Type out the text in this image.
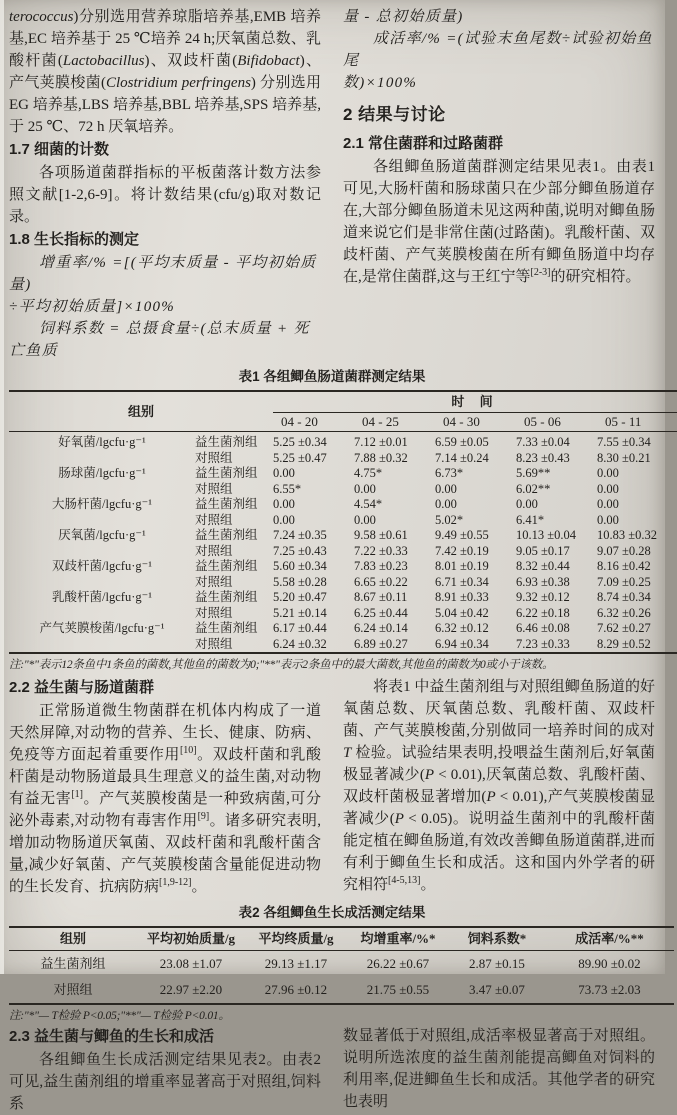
terococcus)分别选用营养琼脂培养基,EMB 培养基,EC 培养基于 25 ℃培养 24 h;厌氧菌总数、乳酸杆菌(Lactobacillus)、双歧杆菌(Bifidobact)、产气荚膜梭菌(Clostridium perfringens) 分别选用 EG 培养基,LBS 培养基,BBL 培养基,SPS 培养基,于 25 ℃、72 h 厌氧培养。

1.7 细菌的计数

各项肠道菌群指标的平板菌落计数方法参照文献[1-2,6-9]。将计数结果(cfu/g)取对数记录。

1.8 生长指标的测定
增重率/% =[(平均末质量 - 平均初始质量)
÷平均初始质量]×100%
饲料系数 = 总摄食量÷(总末质量 + 死亡鱼质
量 - 总初始质量)
成活率/% =(试验末鱼尾数÷试验初始鱼尾
数)×100%
2 结果与讨论
2.1 常住菌群和过路菌群

各组鲫鱼肠道菌群测定结果见表1。由表1 可见,大肠杆菌和肠球菌只在少部分鲫鱼肠道存在,大部分鲫鱼肠道未见这两种菌,说明对鲫鱼肠道来说它们是非常住菌(过路菌)。乳酸杆菌、双歧杆菌、产气荚膜梭菌在所有鲫鱼肠道中均存在,是常住菌群,这与王红宁等[2-3]的研究相符。

表1 各组鲫鱼肠道菌群测定结果
组别		时 间				
		04 - 20	04 - 25	04 - 30	05 - 06	05 - 11
好氧菌/lgcfu·g⁻¹	益生菌剂组	5.25 ±0.34	7.12 ±0.01	6.59 ±0.05	7.33 ±0.04	7.55 ±0.34
	对照组	5.25 ±0.47	7.88 ±0.32	7.14 ±0.24	8.23 ±0.43	8.30 ±0.21
肠球菌/lgcfu·g⁻¹	益生菌剂组	0.00	4.75*	6.73*	5.69**	0.00
	对照组	6.55*	0.00	0.00	6.02**	0.00
大肠杆菌/lgcfu·g⁻¹	益生菌剂组	0.00	4.54*	0.00	0.00	0.00
	对照组	0.00	0.00	5.02*	6.41*	0.00
厌氧菌/lgcfu·g⁻¹	益生菌剂组	7.24 ±0.35	9.58 ±0.61	9.49 ±0.55	10.13 ±0.04	10.83 ±0.32
	对照组	7.25 ±0.43	7.22 ±0.33	7.42 ±0.19	9.05 ±0.17	9.07 ±0.28
双歧杆菌/lgcfu·g⁻¹	益生菌剂组	5.60 ±0.34	7.83 ±0.23	8.01 ±0.19	8.32 ±0.44	8.16 ±0.42
	对照组	5.58 ±0.28	6.65 ±0.22	6.71 ±0.34	6.93 ±0.38	7.09 ±0.25
乳酸杆菌/lgcfu·g⁻¹	益生菌剂组	5.20 ±0.47	8.67 ±0.11	8.91 ±0.33	9.32 ±0.12	8.74 ±0.34
	对照组	5.21 ±0.14	6.25 ±0.44	5.04 ±0.42	6.22 ±0.18	6.32 ±0.26
产气荚膜梭菌/lgcfu·g⁻¹	益生菌剂组	6.17 ±0.44	6.24 ±0.14	6.32 ±0.12	6.46 ±0.08	7.62 ±0.27
	对照组	6.24 ±0.32	6.89 ±0.27	6.94 ±0.34	7.23 ±0.33	8.29 ±0.52
注:"*"表示12条鱼中1条鱼的菌数,其他鱼的菌数为0;"**"表示2条鱼中的最大菌数,其他鱼的菌数为0或小于该数。
2.2 益生菌与肠道菌群

正常肠道微生物菌群在机体内构成了一道天然屏障,对动物的营养、生长、健康、防病、免疫等方面起着重要作用[10]。双歧杆菌和乳酸杆菌是动物肠道最具生理意义的益生菌,对动物有益无害[1]。产气荚膜梭菌是一种致病菌,可分泌外毒素,对动物有毒害作用[9]。诸多研究表明,增加动物肠道厌氧菌、双歧杆菌和乳酸杆菌含量,减少好氧菌、产气荚膜梭菌含量能促进动物的生长发育、抗病防病[1,9-12]。

将表1 中益生菌剂组与对照组鲫鱼肠道的好氧菌总数、厌氧菌总数、乳酸杆菌、双歧杆菌、产气荚膜梭菌,分别做同一培养时间的成对 T 检验。试验结果表明,投喂益生菌剂后,好氧菌极显著减少(P < 0.01),厌氧菌总数、乳酸杆菌、双歧杆菌极显著增加(P < 0.01),产气荚膜梭菌显著减少(P < 0.05)。说明益生菌剂中的乳酸杆菌能定植在鲫鱼肠道,有效改善鲫鱼肠道菌群,进而有利于鲫鱼生长和成活。这和国内外学者的研究相符[4-5,13]。

表2 各组鲫鱼生长成活测定结果
组别	平均初始质量/g	平均终质量/g	均增重率/%*	饲料系数*	成活率/%**
益生菌剂组	23.08 ±1.07	29.13 ±1.17	26.22 ±0.67	2.87 ±0.15	89.90 ±0.02
对照组	22.97 ±2.20	27.96 ±0.12	21.75 ±0.55	3.47 ±0.07	73.73 ±2.03
注:"*"— T检验 P<0.05;"**"— T检验 P<0.01。
2.3 益生菌与鲫鱼的生长和成活

各组鲫鱼生长成活测定结果见表2。由表2 可见,益生菌剂组的增重率显著高于对照组,饲料系

数显著低于对照组,成活率极显著高于对照组。说明所选浓度的益生菌剂能提高鲫鱼对饲料的利用率,促进鲫鱼生长和成活。其他学者的研究也表明
